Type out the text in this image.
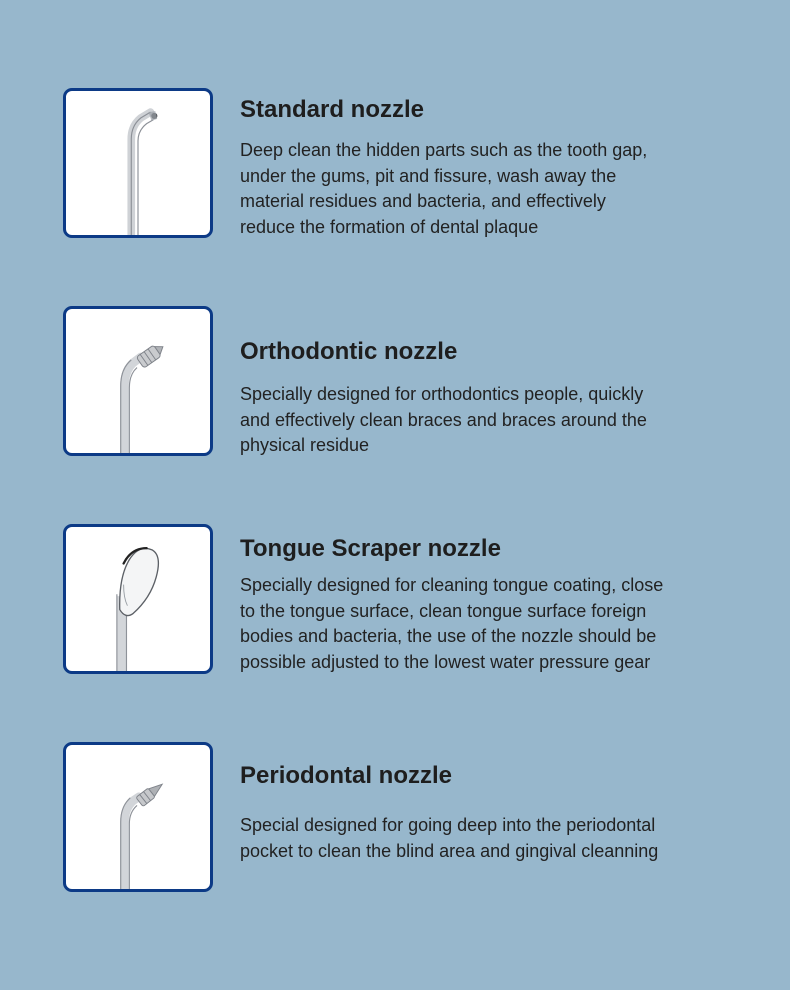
Standard nozzle

Deep clean the hidden parts such as the tooth gap,
under the gums, pit and fissure, wash away the
material residues and bacteria, and effectively
reduce the formation of dental plaque

Orthodontic nozzle

Specially designed for orthodontics people, quickly
and effectively clean braces and braces around the
physical residue

Tongue Scraper nozzle

Specially designed for cleaning tongue coating, close
to the tongue surface, clean tongue surface foreign
bodies and bacteria, the use of the nozzle should be
possible adjusted to the lowest water pressure gear

Periodontal nozzle

Special designed for going deep into the periodontal
pocket to clean the blind area and gingival cleanning
